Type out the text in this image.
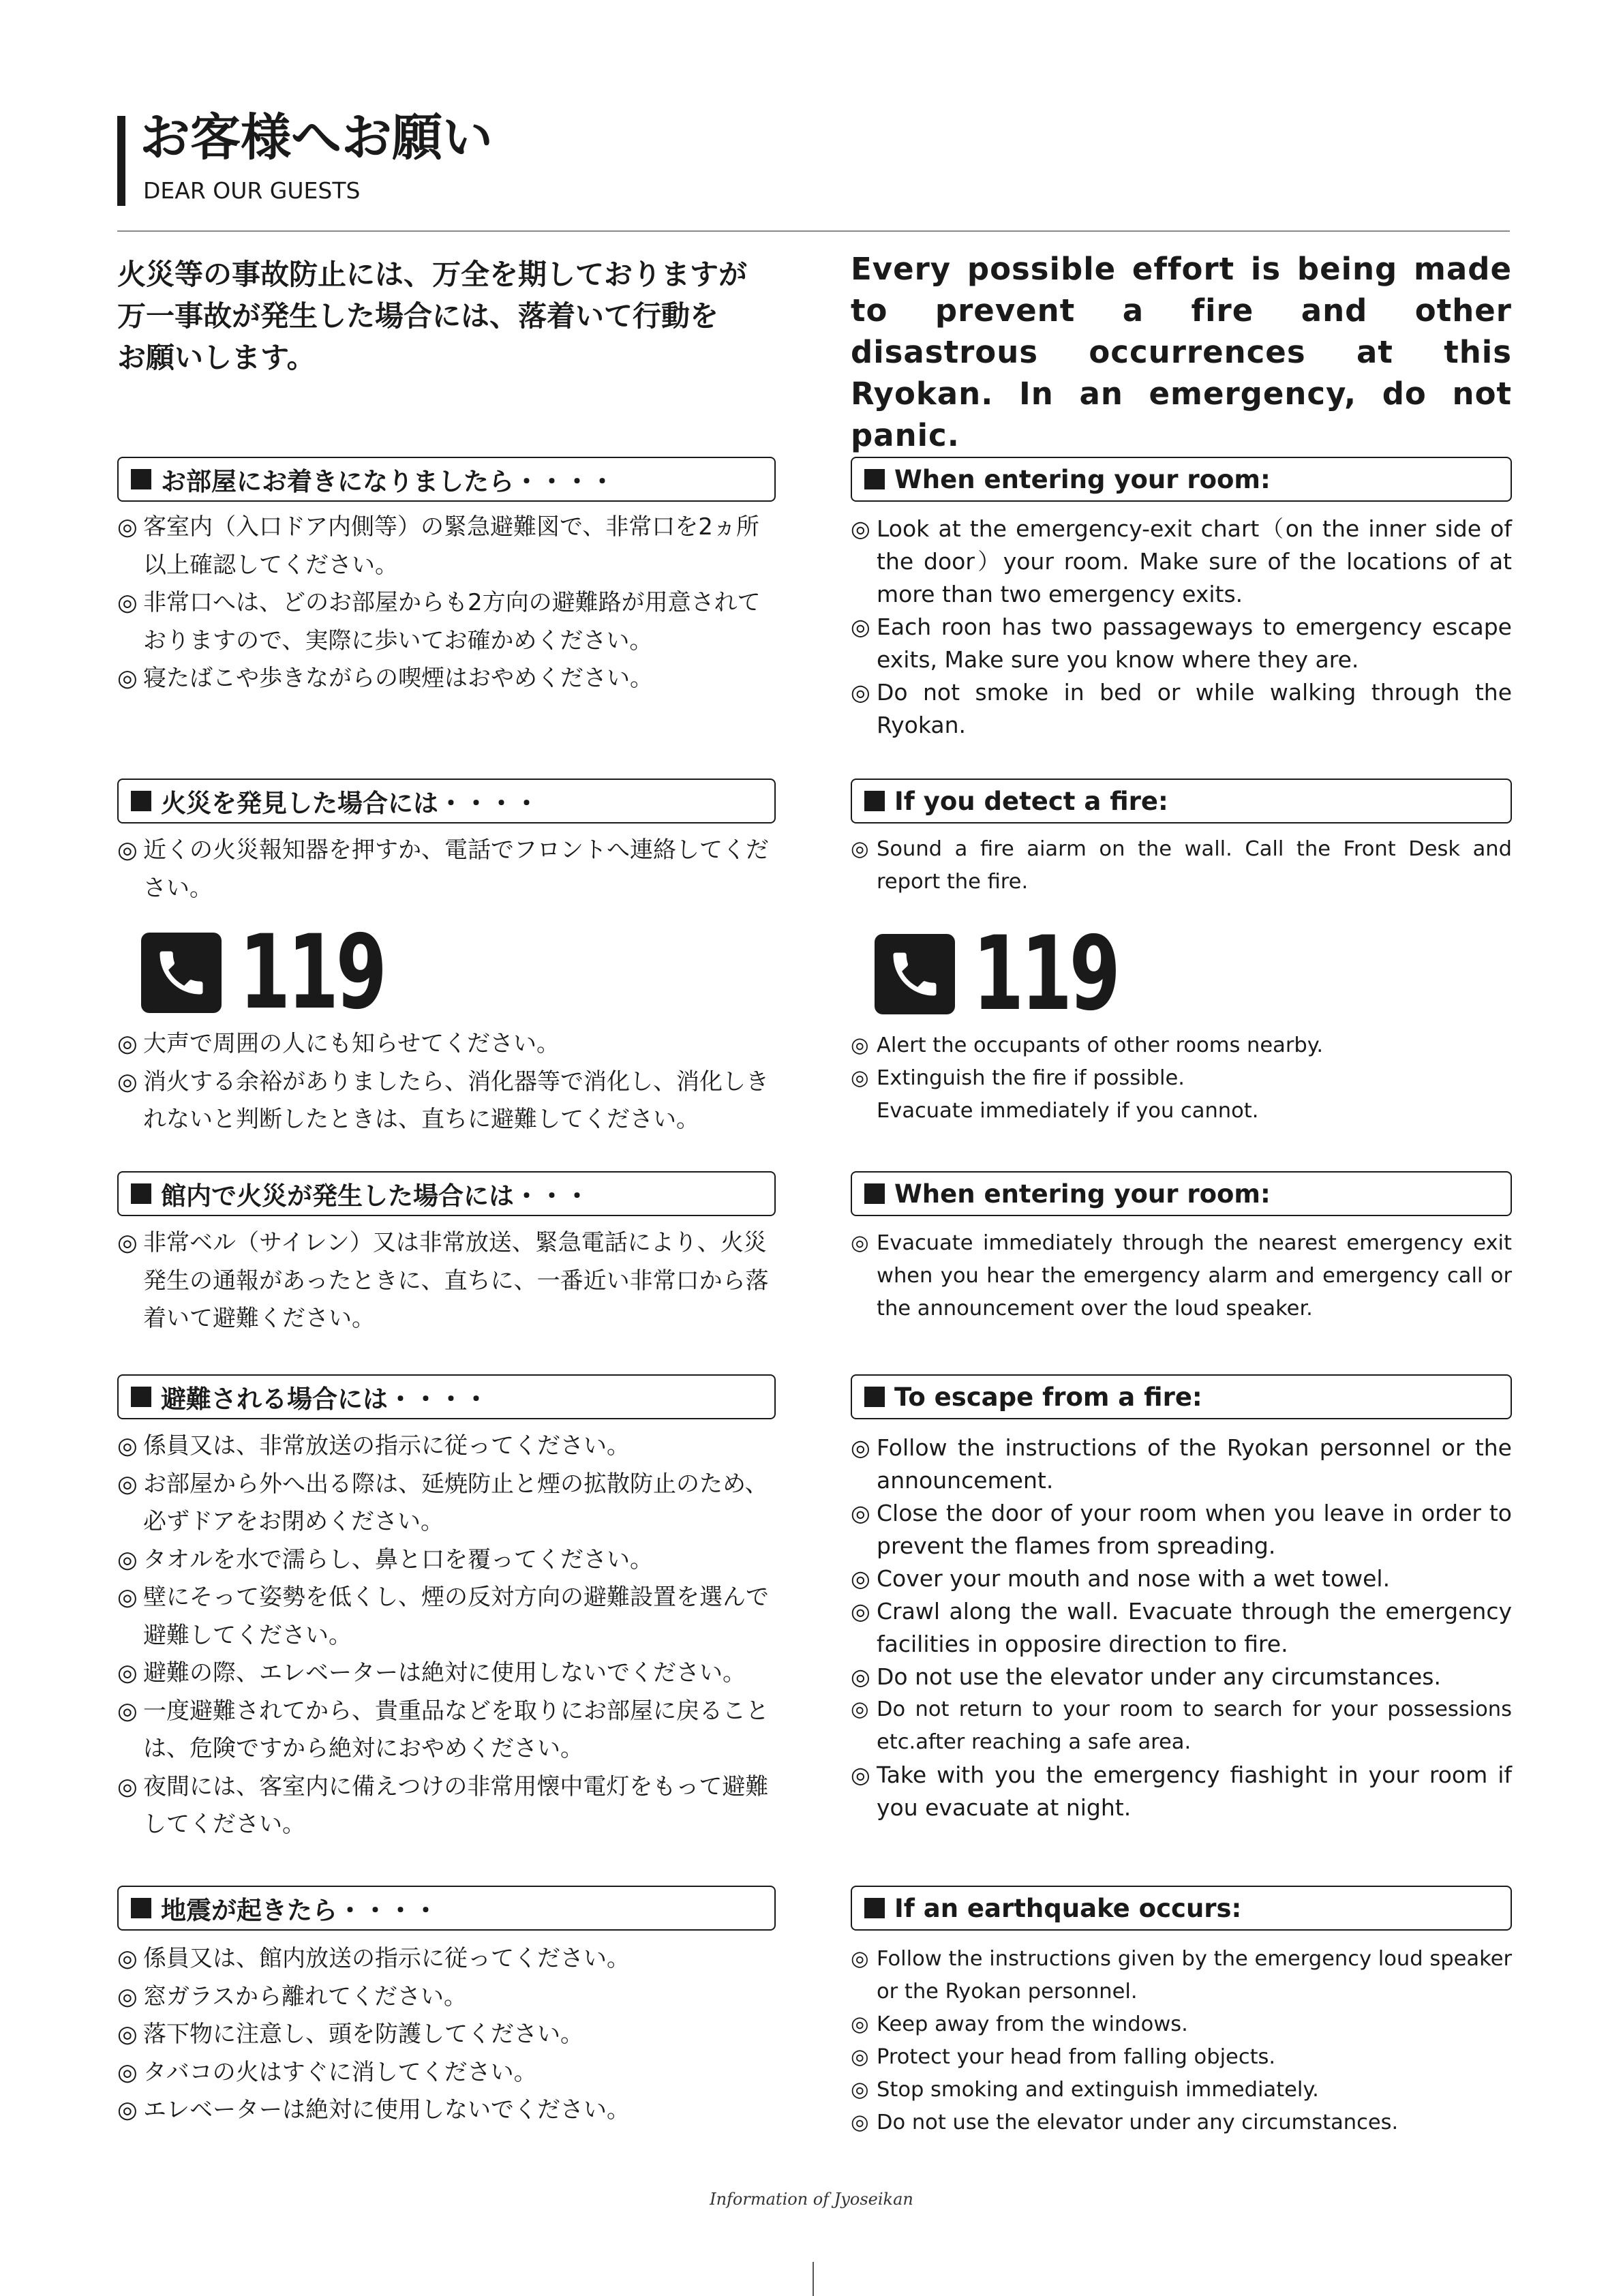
お客様へお願い
DEAR OUR GUESTS
火災等の事故防止には、万全を期しておりますが
万一事故が発生した場合には、落着いて行動を
お願いします。
お部屋にお着きになりましたら・・・・
◎ 客室内（入口ドア内側等）の緊急避難図で、非常口を2ヵ所以上確認してください。
◎ 非常口へは、どのお部屋からも2方向の避難路が用意されておりますので、実際に歩いてお確かめください。
◎ 寝たばこや歩きながらの喫煙はおやめください。
火災を発見した場合には・・・・
◎ 近くの火災報知器を押すか、電話でフロントへ連絡してください。
119
◎ 大声で周囲の人にも知らせてください。
◎ 消火する余裕がありましたら、消化器等で消化し、消化しきれないと判断したときは、直ちに避難してください。
館内で火災が発生した場合には・・・
◎ 非常ベル（サイレン）又は非常放送、緊急電話により、火災発生の通報があったときに、直ちに、一番近い非常口から落着いて避難ください。
避難される場合には・・・・
◎ 係員又は、非常放送の指示に従ってください。
◎ お部屋から外へ出る際は、延焼防止と煙の拡散防止のため、必ずドアをお閉めください。
◎ タオルを水で濡らし、鼻と口を覆ってください。
◎ 壁にそって姿勢を低くし、煙の反対方向の避難設置を選んで避難してください。
◎ 避難の際、エレベーターは絶対に使用しないでください。
◎ 一度避難されてから、貴重品などを取りにお部屋に戻ることは、危険ですから絶対におやめください。
◎ 夜間には、客室内に備えつけの非常用懐中電灯をもって避難してください。
地震が起きたら・・・・
◎ 係員又は、館内放送の指示に従ってください。
◎ 窓ガラスから離れてください。
◎ 落下物に注意し、頭を防護してください。
◎ タバコの火はすぐに消してください。
◎ エレベーターは絶対に使用しないでください。
Every possible effort is being made to prevent a fire and other disastrous occurrences at this Ryokan. In an emergency, do not panic.
When entering your room:
◎ Look at the emergency-exit chart（on the inner side of the door）your room. Make sure of the locations of at more than two emergency exits.
◎ Each roon has two passageways to emergency escape exits, Make sure you know where they are.
◎ Do not smoke in bed or while walking through the Ryokan.
If you detect a fire:
◎ Sound a fire aiarm on the wall. Call the Front Desk and report the fire.
119
◎ Alert the occupants of other rooms nearby.
◎ Extinguish the fire if possible.
Evacuate immediately if you cannot.
When entering your room:
◎ Evacuate immediately through the nearest emergency exit when you hear the emergency alarm and emergency call or the announcement over the loud speaker.
To escape from a fire:
◎ Follow the instructions of the Ryokan personnel or the announcement.
◎ Close the door of your room when you leave in order to prevent the flames from spreading.
◎ Cover your mouth and nose with a wet towel.
◎ Crawl along the wall. Evacuate through the emergency facilities in opposire direction to fire.
◎ Do not use the elevator under any circumstances.
◎ Do not return to your room to search for your possessions etc.after reaching a safe area.
◎ Take with you the emergency fiashight in your room if you evacuate at night.
If an earthquake occurs:
◎ Follow the instructions given by the emergency loud speaker or the Ryokan personnel.
◎ Keep away from the windows.
◎ Protect your head from falling objects.
◎ Stop smoking and extinguish immediately.
◎ Do not use the elevator under any circumstances.
Information of Jyoseikan
